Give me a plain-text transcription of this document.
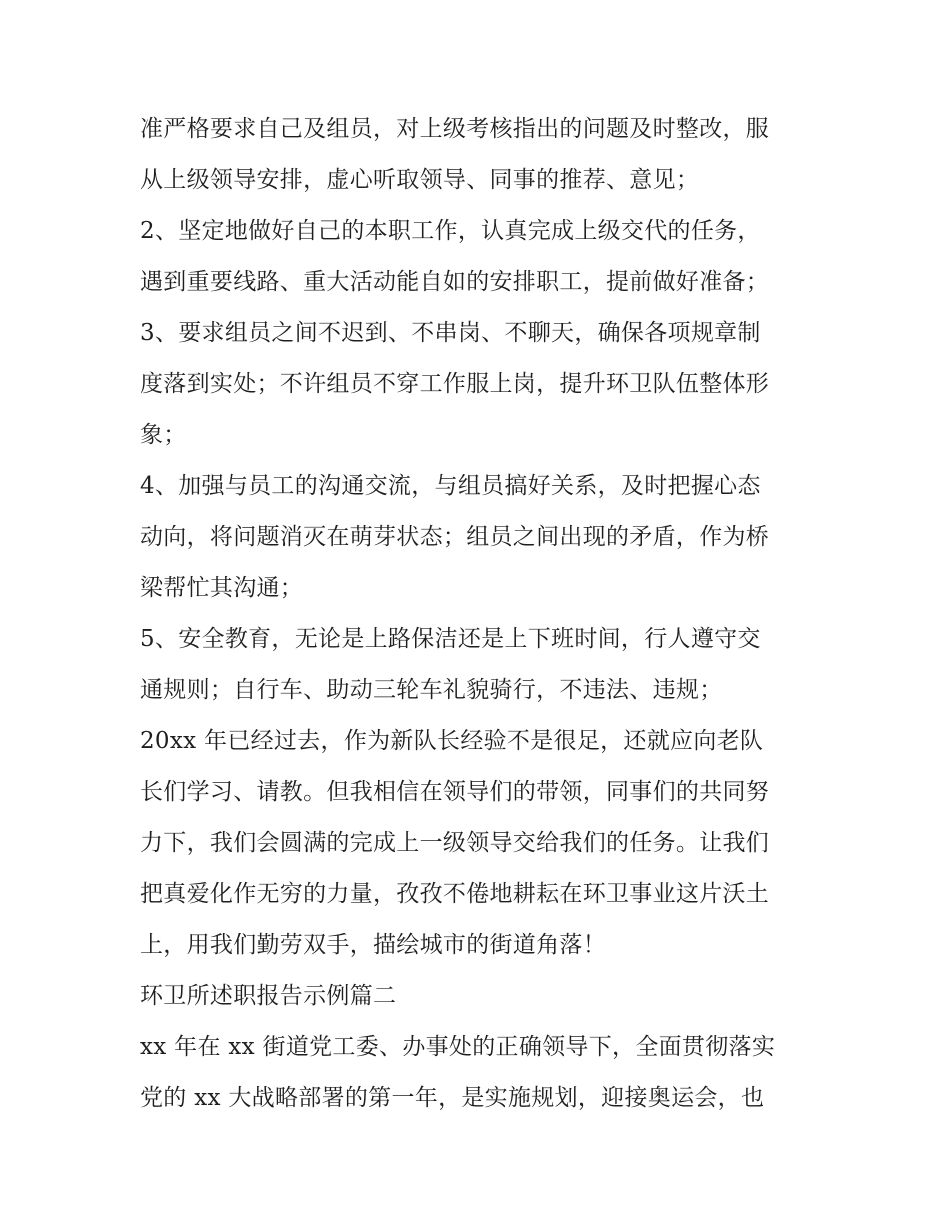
准严格要求自己及组员，对上级考核指出的问题及时整改，服
从上级领导安排，虚心听取领导、同事的推荐、意见；
2、坚定地做好自己的本职工作，认真完成上级交代的任务，
遇到重要线路、重大活动能自如的安排职工，提前做好准备；
3、要求组员之间不迟到、不串岗、不聊天，确保各项规章制
度落到实处；不许组员不穿工作服上岗，提升环卫队伍整体形
象；
4、加强与员工的沟通交流，与组员搞好关系，及时把握心态
动向，将问题消灭在萌芽状态；组员之间出现的矛盾，作为桥
梁帮忙其沟通；
5、安全教育，无论是上路保洁还是上下班时间，行人遵守交
通规则；自行车、助动三轮车礼貌骑行，不违法、违规；
20xx 年已经过去，作为新队长经验不是很足，还就应向老队
长们学习、请教。但我相信在领导们的带领，同事们的共同努
力下，我们会圆满的完成上一级领导交给我们的任务。让我们
把真爱化作无穷的力量，孜孜不倦地耕耘在环卫事业这片沃土
上，用我们勤劳双手，描绘城市的街道角落！
环卫所述职报告示例篇二
xx 年在 xx 街道党工委、办事处的正确领导下，全面贯彻落实
党的 xx 大战略部署的第一年，是实施规划，迎接奥运会，也
